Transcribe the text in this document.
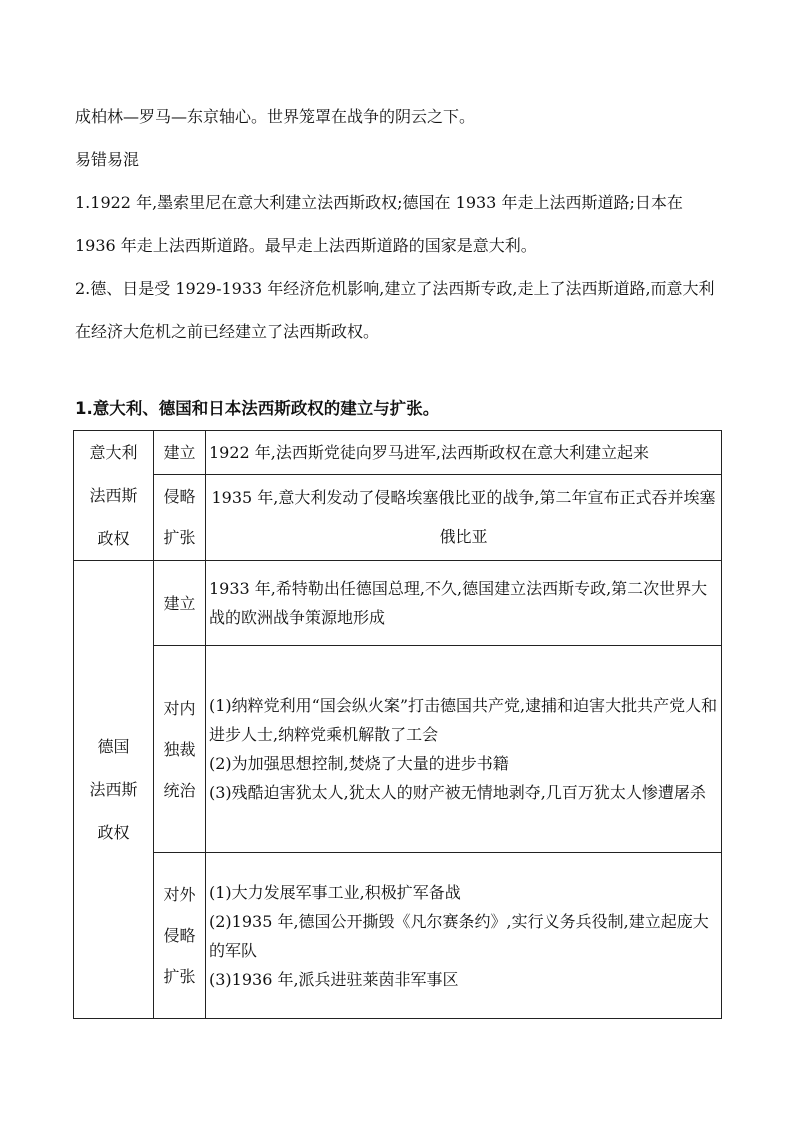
成柏林—罗马—东京轴心。世界笼罩在战争的阴云之下。

易错易混

1.1922 年,墨索里尼在意大利建立法西斯政权;德国在 1933 年走上法西斯道路;日本在 1936 年走上法西斯道路。最早走上法西斯道路的国家是意大利。

2.德、日是受 1929-1933 年经济危机影响,建立了法西斯专政,走上了法西斯道路,而意大利在经济大危机之前已经建立了法西斯政权。

1.意大利、德国和日本法西斯政权的建立与扩张。
意大利
法西斯
政权	建立	1922 年,法西斯党徒向罗马进军,法西斯政权在意大利建立起来

	侵略
扩张	1935 年,意大利发动了侵略埃塞俄比亚的战争,第二年宣布正式吞并埃塞俄比亚

德国
法西斯
政权	建立	1933 年,希特勒出任德国总理,不久,德国建立法西斯专政,第二次世界大战的欧洲战争策源地形成

	对内
独裁
统治	(1)纳粹党利用“国会纵火案”打击德国共产党,逮捕和迫害大批共产党人和进步人士,纳粹党乘机解散了工会
(2)为加强思想控制,焚烧了大量的进步书籍
(3)残酷迫害犹太人,犹太人的财产被无情地剥夺,几百万犹太人惨遭屠杀

	对外
侵略
扩张	(1)大力发展军事工业,积极扩军备战
(2)1935 年,德国公开撕毁《凡尔赛条约》,实行义务兵役制,建立起庞大的军队
(3)1936 年,派兵进驻莱茵非军事区
